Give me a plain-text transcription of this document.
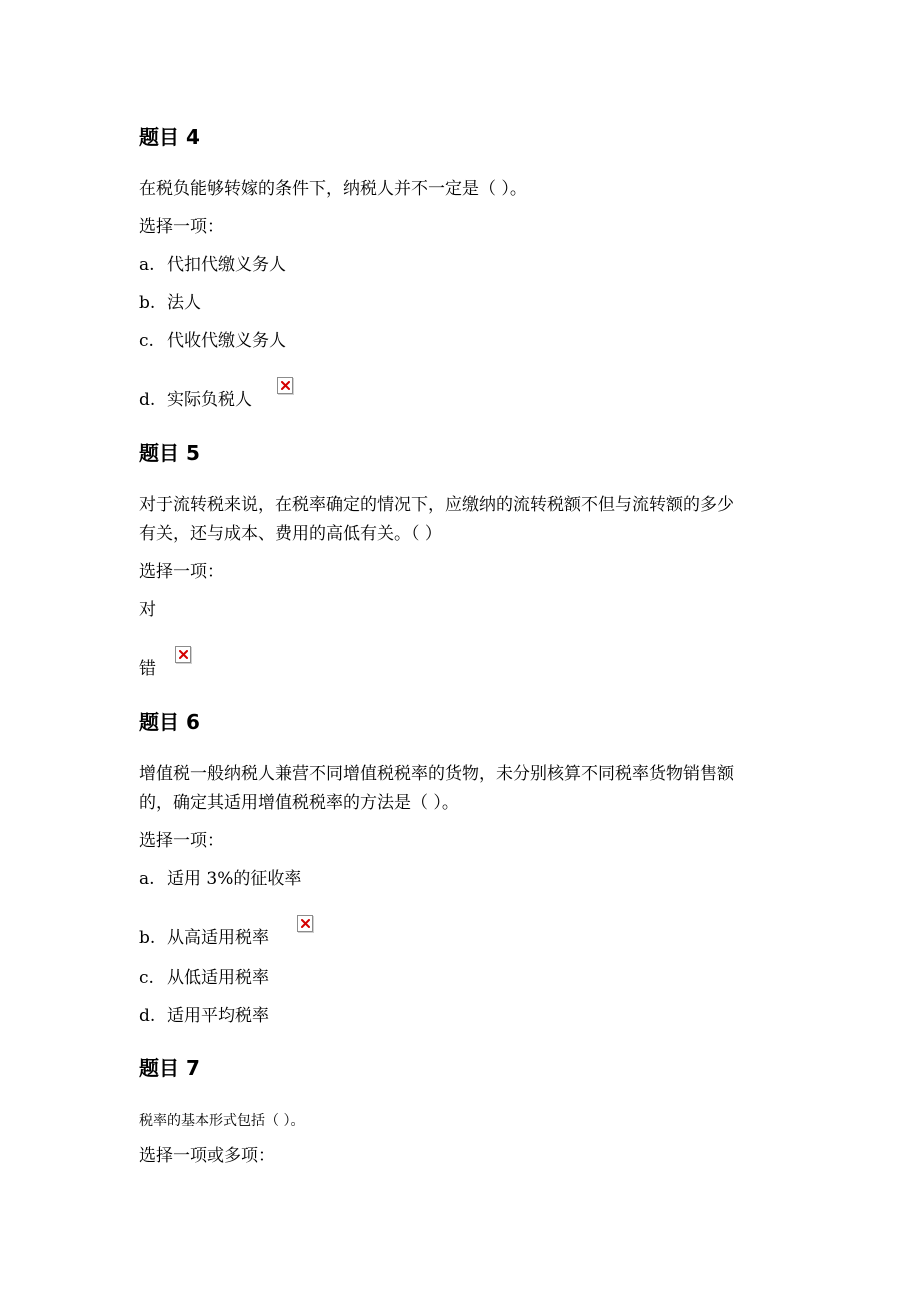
题目 4
在税负能够转嫁的条件下，纳税人并不一定是（ ）。
选择一项：
a. 代扣代缴义务人
b. 法人
c. 代收代缴义务人
d. 实际负税人
题目 5
对于流转税来说，在税率确定的情况下，应缴纳的流转税额不但与流转额的多少
有关，还与成本、费用的高低有关。（ ）
选择一项：
对
错
题目 6
增值税一般纳税人兼营不同增值税税率的货物，未分别核算不同税率货物销售额
的，确定其适用增值税税率的方法是（ ）。
选择一项：
a. 适用 3%的征收率
b. 从高适用税率
c. 从低适用税率
d. 适用平均税率
题目 7
税率的基本形式包括（ ）。
选择一项或多项：
